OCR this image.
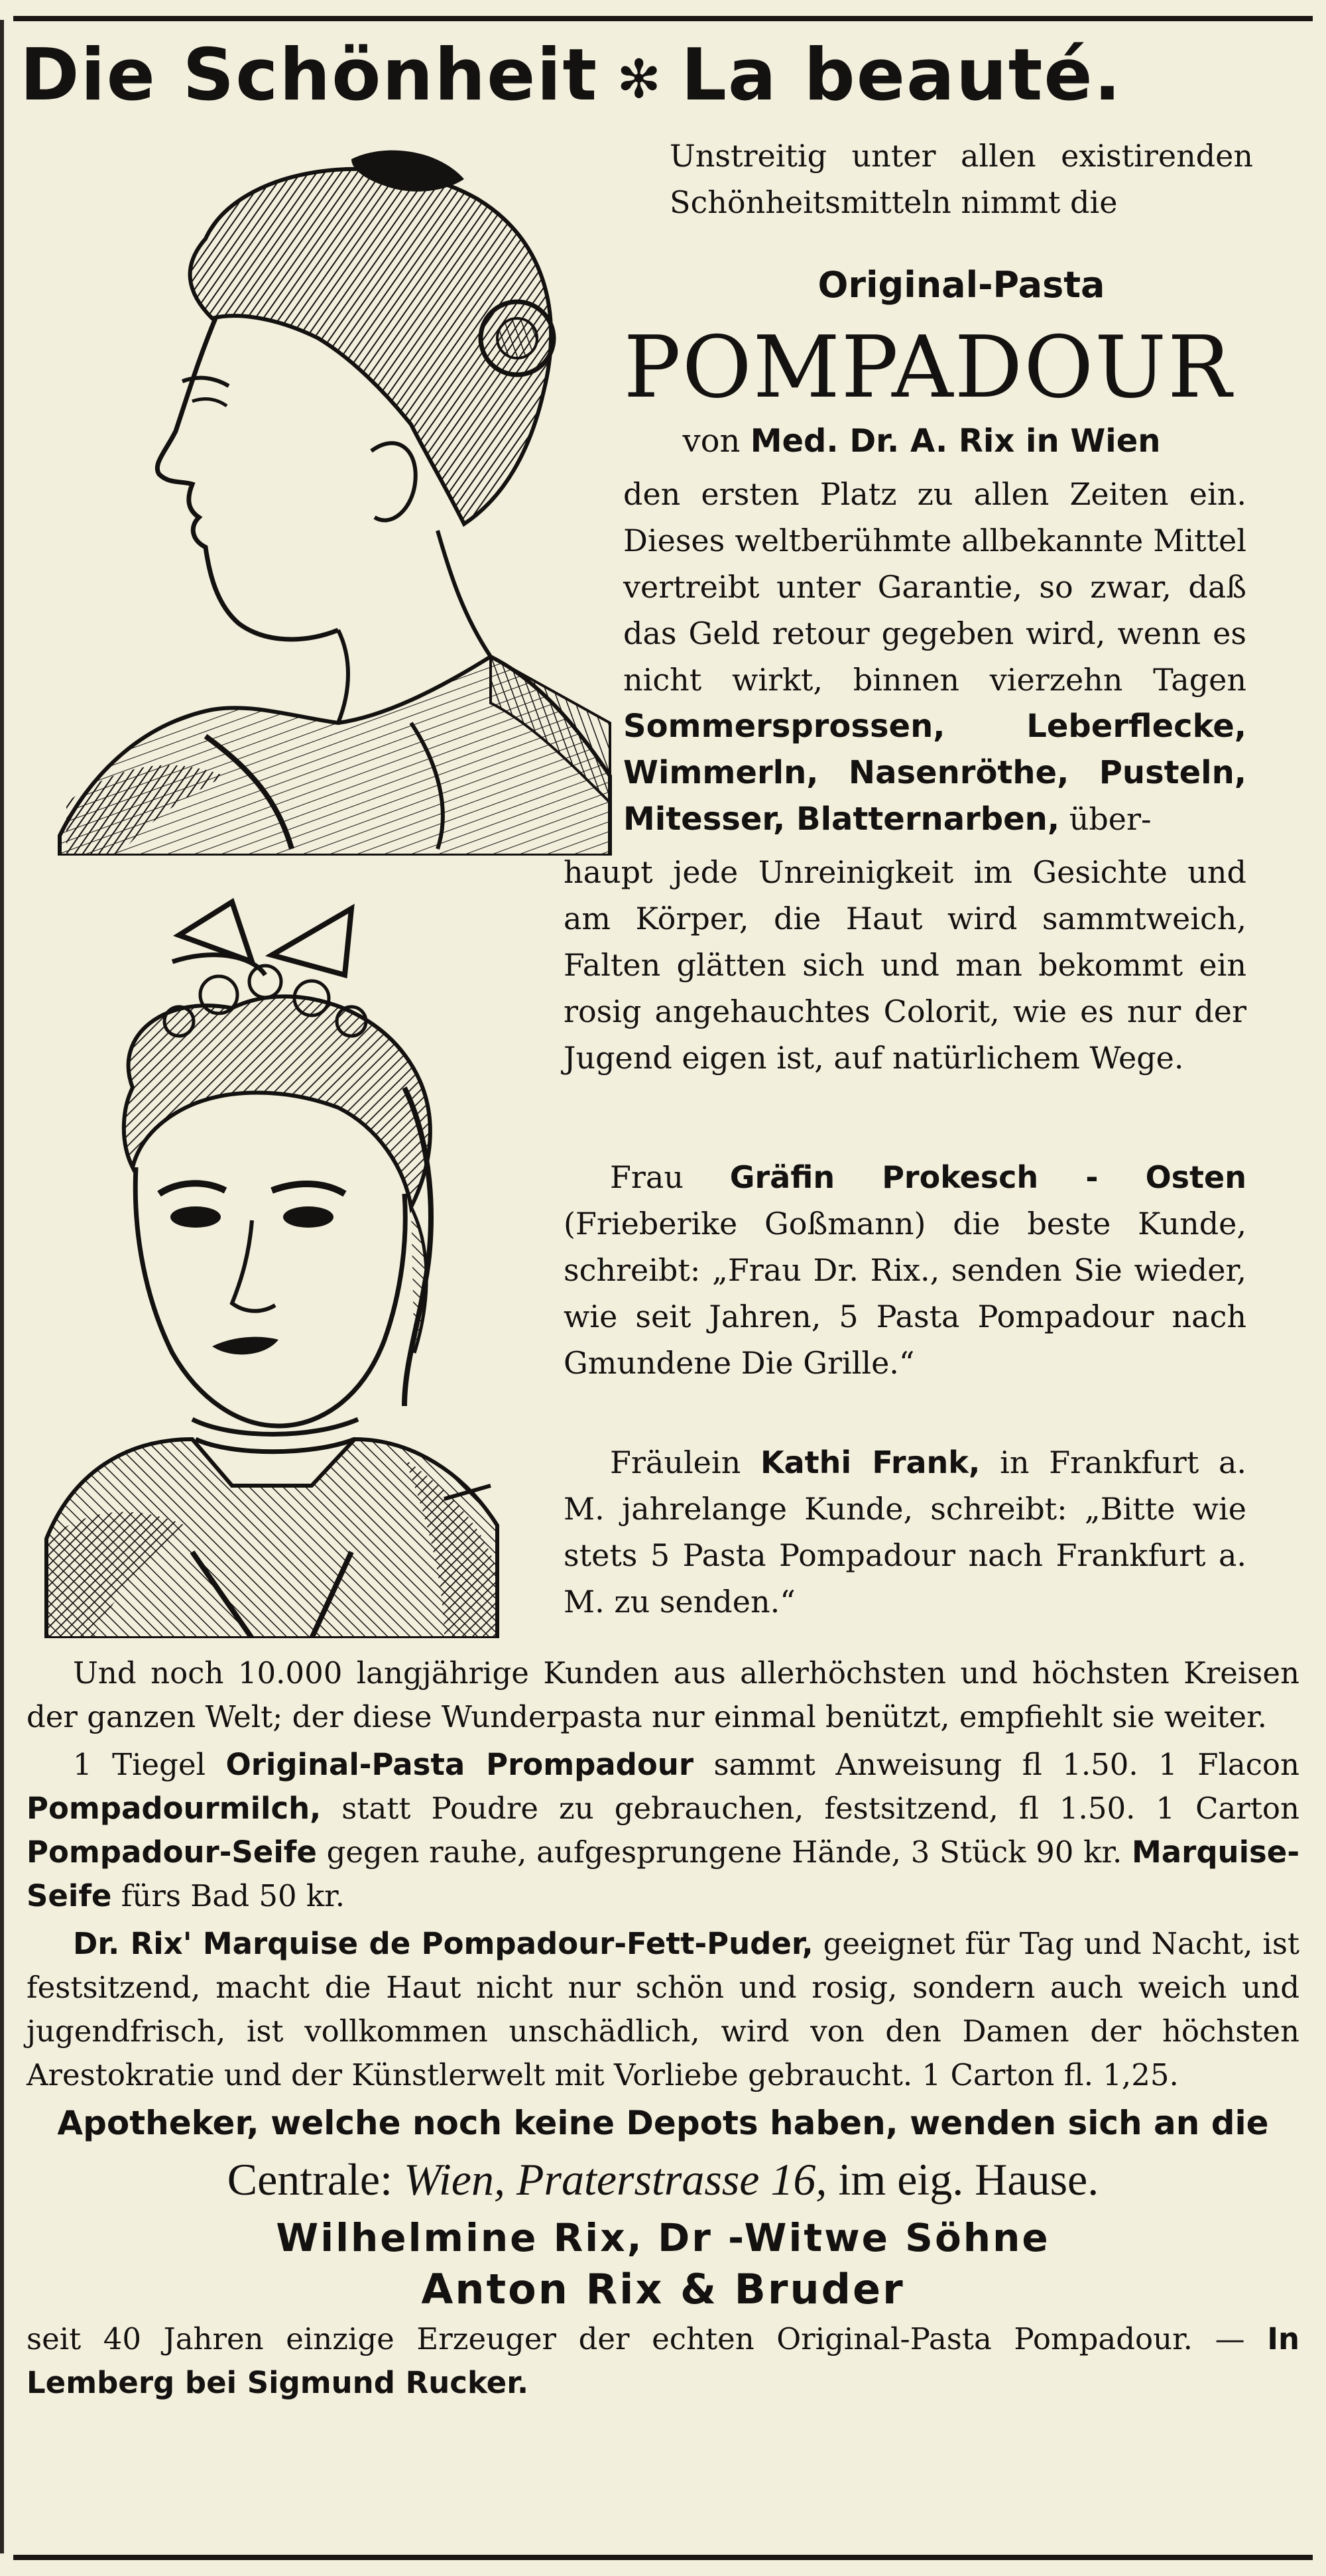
Die Schönheit ✻ La beauté.
Unstreitig unter allen existirenden Schönheitsmitteln nimmt die
Original-Pasta
POMPADOUR
von Med. Dr. A. Rix in Wien
den ersten Platz zu allen Zeiten ein. Dieses weltberühmte allbekannte Mittel vertreibt unter Garantie, so zwar, daß das Geld retour gegeben wird, wenn es nicht wirkt, binnen vierzehn Tagen Sommersprossen, Leberflecke, Wimmerln, Nasenröthe, Pusteln, Mitesser, Blatternarben, über-
haupt jede Unreinigkeit im Gesichte und am Körper, die Haut wird sammtweich, Falten glätten sich und man bekommt ein rosig angehauchtes Colorit, wie es nur der Jugend eigen ist, auf natürlichem Wege.
Frau Gräfin Prokesch - Osten (Frieberike Goßmann) die beste Kunde, schreibt: „Frau Dr. Rix., senden Sie wieder, wie seit Jahren, 5 Pasta Pompadour nach Gmundene Die Grille.“
Fräulein Kathi Frank, in Frankfurt a. M. jahrelange Kunde, schreibt: „Bitte wie stets 5 Pasta Pompadour nach Frankfurt a. M. zu senden.“

Und noch 10.000 langjährige Kunden aus allerhöchsten und höchsten Kreisen der ganzen Welt; der diese Wunderpasta nur einmal benützt, empfiehlt sie weiter.

1 Tiegel Original-Pasta Prompadour sammt Anweisung fl 1.50. 1 Flacon Pompadourmilch, statt Poudre zu gebrauchen, festsitzend, fl 1.50. 1 Carton Pompadour-Seife gegen rauhe, aufgesprungene Hände, 3 Stück 90 kr. Marquise-Seife fürs Bad 50 kr.

Dr. Rix' Marquise de Pompadour-Fett-Puder, geeignet für Tag und Nacht, ist festsitzend, macht die Haut nicht nur schön und rosig, sondern auch weich und jugendfrisch, ist vollkommen unschädlich, wird von den Damen der höchsten Arestokratie und der Künstlerwelt mit Vorliebe gebraucht. 1 Carton fl. 1,25.

Apotheker, welche noch keine Depots haben, wenden sich an die

Centrale: Wien, Praterstrasse 16, im eig. Hause.

Wilhelmine Rix, Dr -Witwe Söhne

Anton Rix & Bruder

seit 40 Jahren einzige Erzeuger der echten Original-Pasta Pompadour. — In Lemberg bei Sigmund Rucker.
